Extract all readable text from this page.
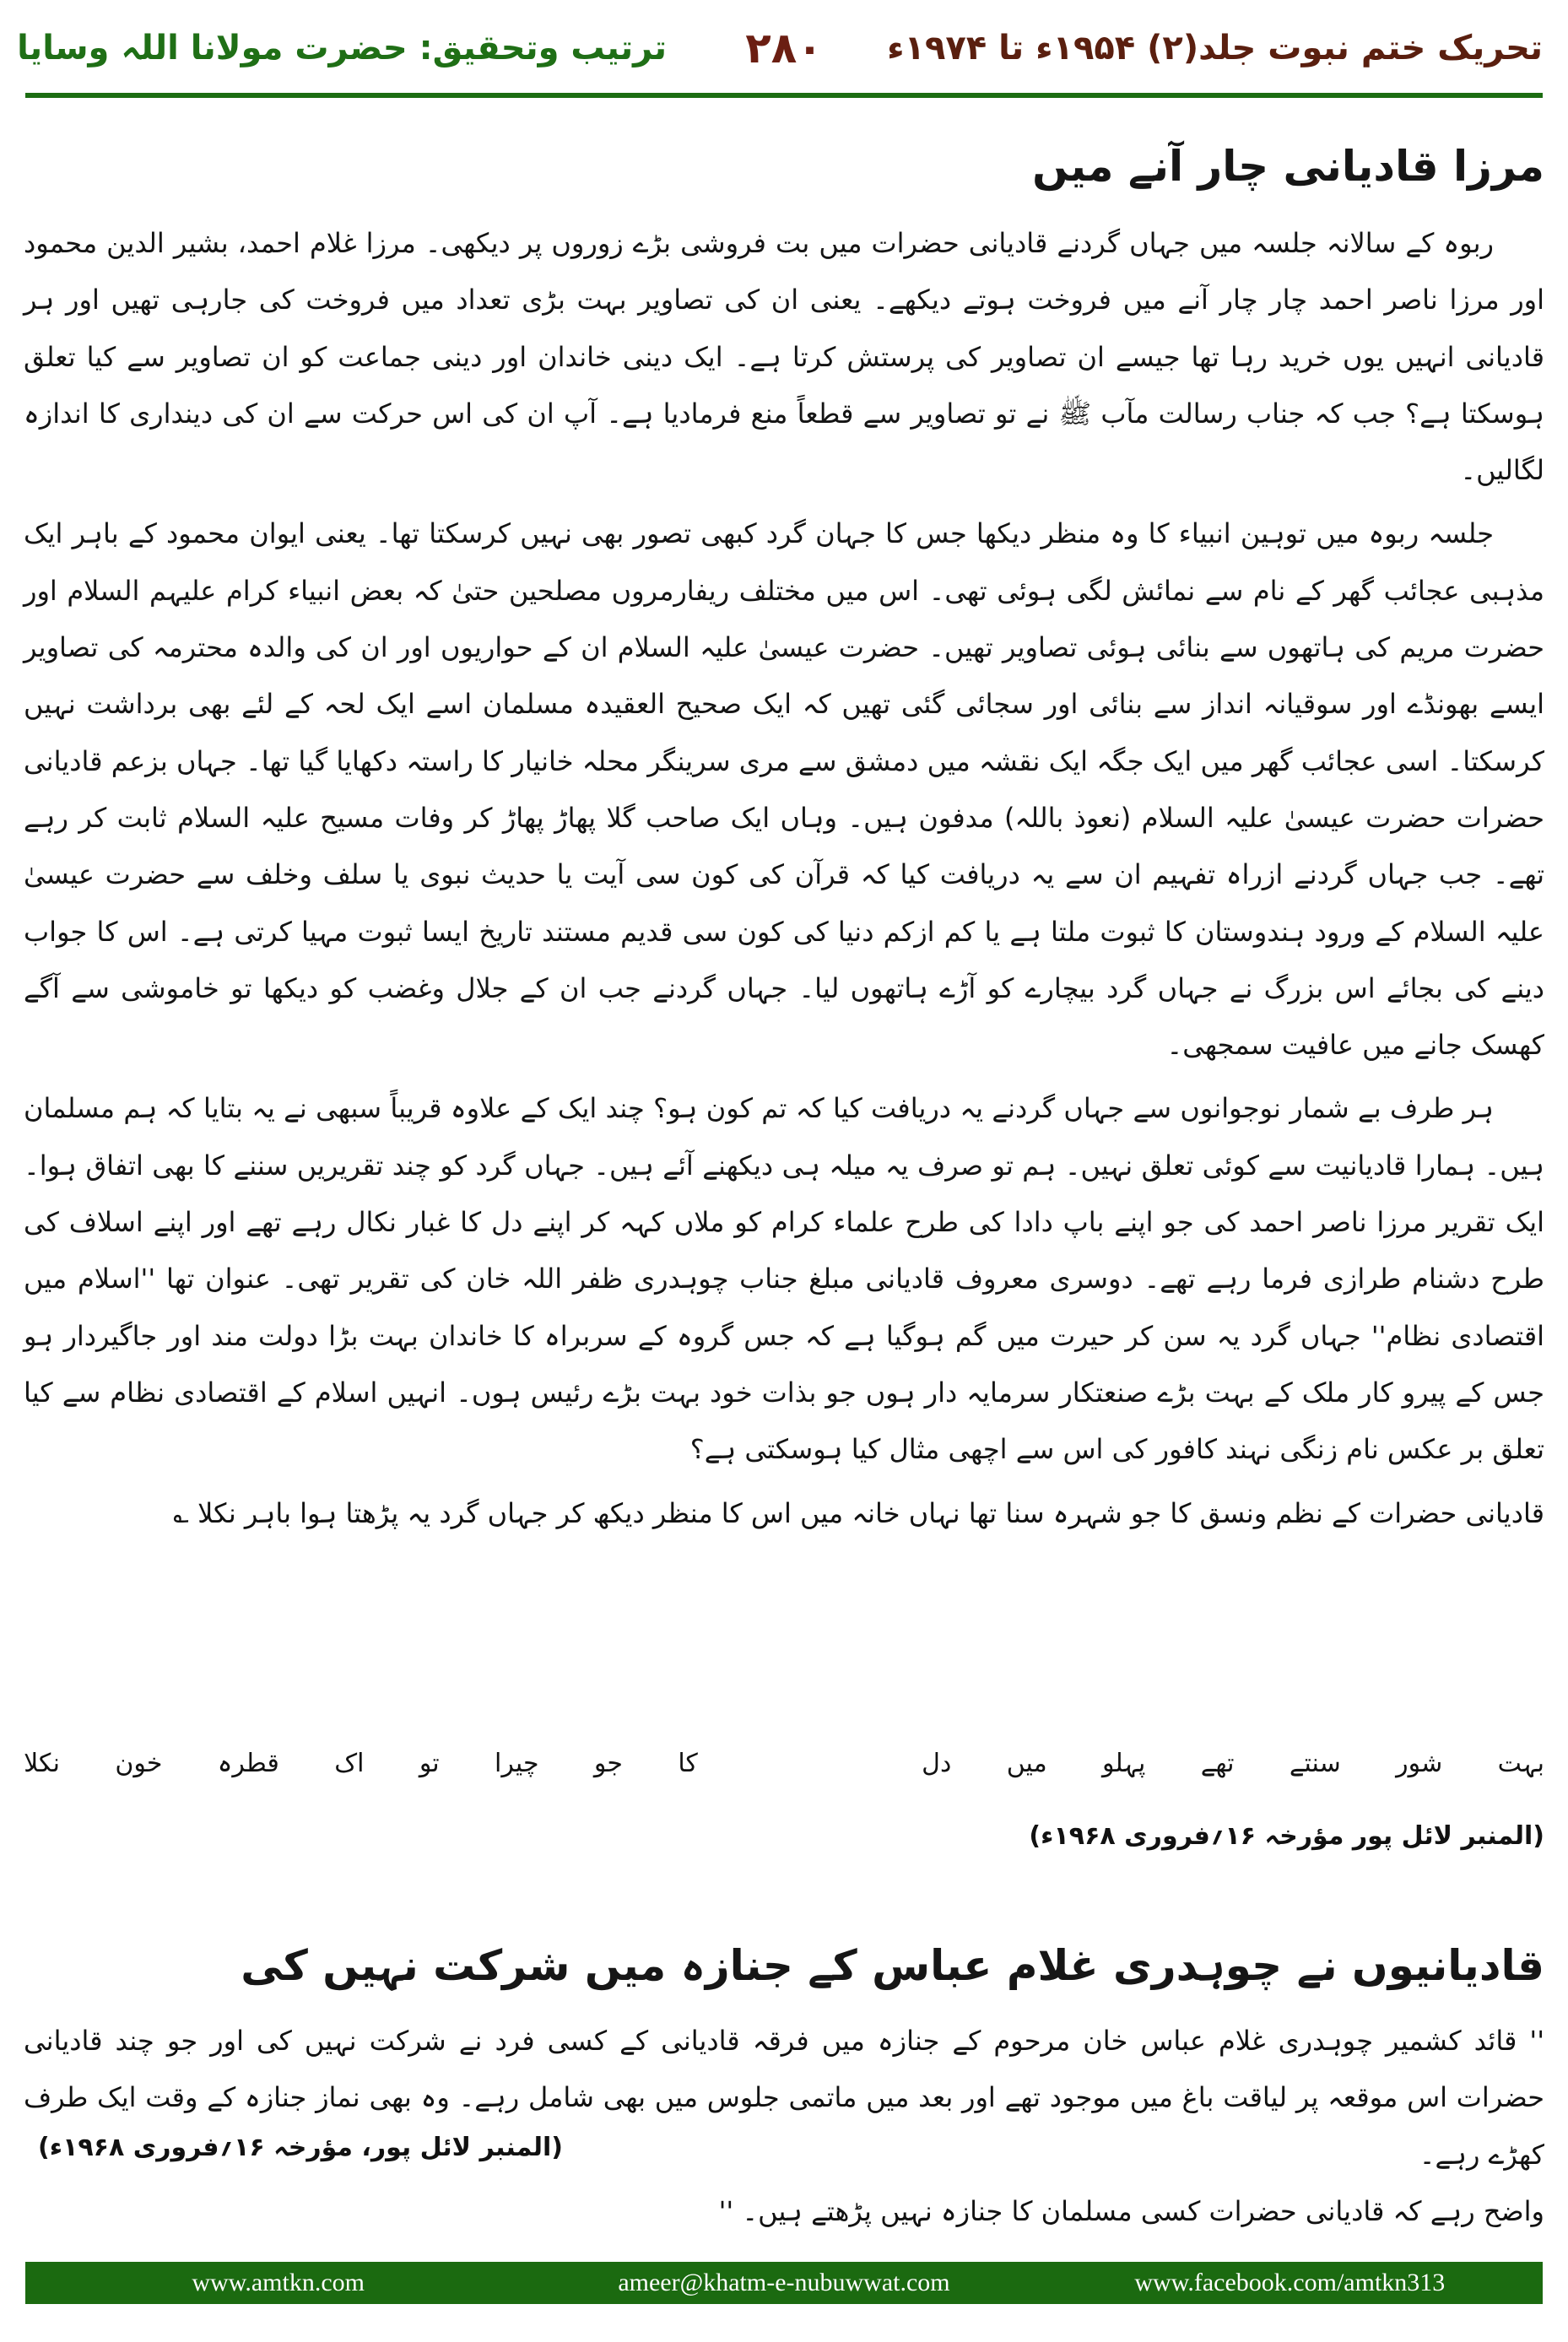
تحریک ختم نبوت جلد(۲) ۱۹۵۴ء تا ۱۹۷۴ء
۲۸۰
ترتیب وتحقیق: حضرت مولانا اللہ وسایا
مرزا قادیانی چار آنے میں

ربوہ کے سالانہ جلسہ میں جہاں گردنے قادیانی حضرات میں بت فروشی بڑے زوروں پر دیکھی۔ مرزا غلام احمد، بشیر الدین محمود اور مرزا ناصر احمد چار چار آنے میں فروخت ہوتے دیکھے۔ یعنی ان کی تصاویر بہت بڑی تعداد میں فروخت کی جارہی تھیں اور ہر قادیانی انہیں یوں خرید رہا تھا جیسے ان تصاویر کی پرستش کرتا ہے۔ ایک دینی خاندان اور دینی جماعت کو ان تصاویر سے کیا تعلق ہوسکتا ہے؟ جب کہ جناب رسالت مآب ﷺ نے تو تصاویر سے قطعاً منع فرمادیا ہے۔ آپ ان کی اس حرکت سے ان کی دینداری کا اندازہ لگالیں۔

جلسہ ربوہ میں توہین انبیاء کا وہ منظر دیکھا جس کا جہان گرد کبھی تصور بھی نہیں کرسکتا تھا۔ یعنی ایوان محمود کے باہر ایک مذہبی عجائب گھر کے نام سے نمائش لگی ہوئی تھی۔ اس میں مختلف ریفارمروں مصلحین حتیٰ کہ بعض انبیاء کرام علیہم السلام اور حضرت مریم کی ہاتھوں سے بنائی ہوئی تصاویر تھیں۔ حضرت عیسیٰ علیہ السلام ان کے حواریوں اور ان کی والدہ محترمہ کی تصاویر ایسے بھونڈے اور سوقیانہ انداز سے بنائی اور سجائی گئی تھیں کہ ایک صحیح العقیدہ مسلمان اسے ایک لحہ کے لئے بھی برداشت نہیں کرسکتا۔ اسی عجائب گھر میں ایک جگہ ایک نقشہ میں دمشق سے مری سرینگر محلہ خانیار کا راستہ دکھایا گیا تھا۔ جہاں بزعم قادیانی حضرات حضرت عیسیٰ علیہ السلام (نعوذ باللہ) مدفون ہیں۔ وہاں ایک صاحب گلا پھاڑ پھاڑ کر وفات مسیح علیہ السلام ثابت کر رہے تھے۔ جب جہاں گردنے ازراہ تفہیم ان سے یہ دریافت کیا کہ قرآن کی کون سی آیت یا حدیث نبوی یا سلف وخلف سے حضرت عیسیٰ علیہ السلام کے ورود ہندوستان کا ثبوت ملتا ہے یا کم ازکم دنیا کی کون سی قدیم مستند تاریخ ایسا ثبوت مہیا کرتی ہے۔ اس کا جواب دینے کی بجائے اس بزرگ نے جہاں گرد بیچارے کو آڑے ہاتھوں لیا۔ جہاں گردنے جب ان کے جلال وغضب کو دیکھا تو خاموشی سے آگے کھسک جانے میں عافیت سمجھی۔

ہر طرف بے شمار نوجوانوں سے جہاں گردنے یہ دریافت کیا کہ تم کون ہو؟ چند ایک کے علاوہ قریباً سبھی نے یہ بتایا کہ ہم مسلمان ہیں۔ ہمارا قادیانیت سے کوئی تعلق نہیں۔ ہم تو صرف یہ میلہ ہی دیکھنے آئے ہیں۔ جہاں گرد کو چند تقریریں سننے کا بھی اتفاق ہوا۔ ایک تقریر مرزا ناصر احمد کی جو اپنے باپ دادا کی طرح علماء کرام کو ملاں کہہ کر اپنے دل کا غبار نکال رہے تھے اور اپنے اسلاف کی طرح دشنام طرازی فرما رہے تھے۔ دوسری معروف قادیانی مبلغ جناب چوہدری ظفر اللہ خان کی تقریر تھی۔ عنوان تھا ''اسلام میں اقتصادی نظام'' جہاں گرد یہ سن کر حیرت میں گم ہوگیا ہے کہ جس گروہ کے سربراہ کا خاندان بہت بڑا دولت مند اور جاگیردار ہو جس کے پیرو کار ملک کے بہت بڑے صنعتکار سرمایہ دار ہوں جو بذات خود بہت بڑے رئیس ہوں۔ انہیں اسلام کے اقتصادی نظام سے کیا تعلق بر عکس نام زنگی نہند کافور کی اس سے اچھی مثال کیا ہوسکتی ہے؟

قادیانی حضرات کے نظم ونسق کا جو شہرہ سنا تھا نہاں خانہ میں اس کا منظر دیکھ کر جہاں گرد یہ پڑھتا ہوا باہر نکلا ؎
بہت
شور
سنتے
تھے
پہلو
میں
دل
کا
جو
چیرا
تو
اک
قطرہ
خون
نکلا
(المنبر لائل پور مؤرخہ ۱۶؍فروری ۱۹۶۸ء)
قادیانیوں نے چوہدری غلام عباس کے جنازہ میں شرکت نہیں کی

'' قائد کشمیر چوہدری غلام عباس خان مرحوم کے جنازہ میں فرقہ قادیانی کے کسی فرد نے شرکت نہیں کی اور جو چند قادیانی حضرات اس موقعہ پر لیاقت باغ میں موجود تھے اور بعد میں ماتمی جلوس میں بھی شامل رہے۔ وہ بھی نماز جنازہ کے وقت ایک طرف کھڑے رہے۔

واضح رہے کہ قادیانی حضرات کسی مسلمان کا جنازہ نہیں پڑھتے ہیں۔ ''
(المنبر لائل پور، مؤرخہ ۱۶؍فروری ۱۹۶۸ء)
www.amtkn.com	ameer@khatm-e-nubuwwat.com	www.facebook.com/amtkn313
